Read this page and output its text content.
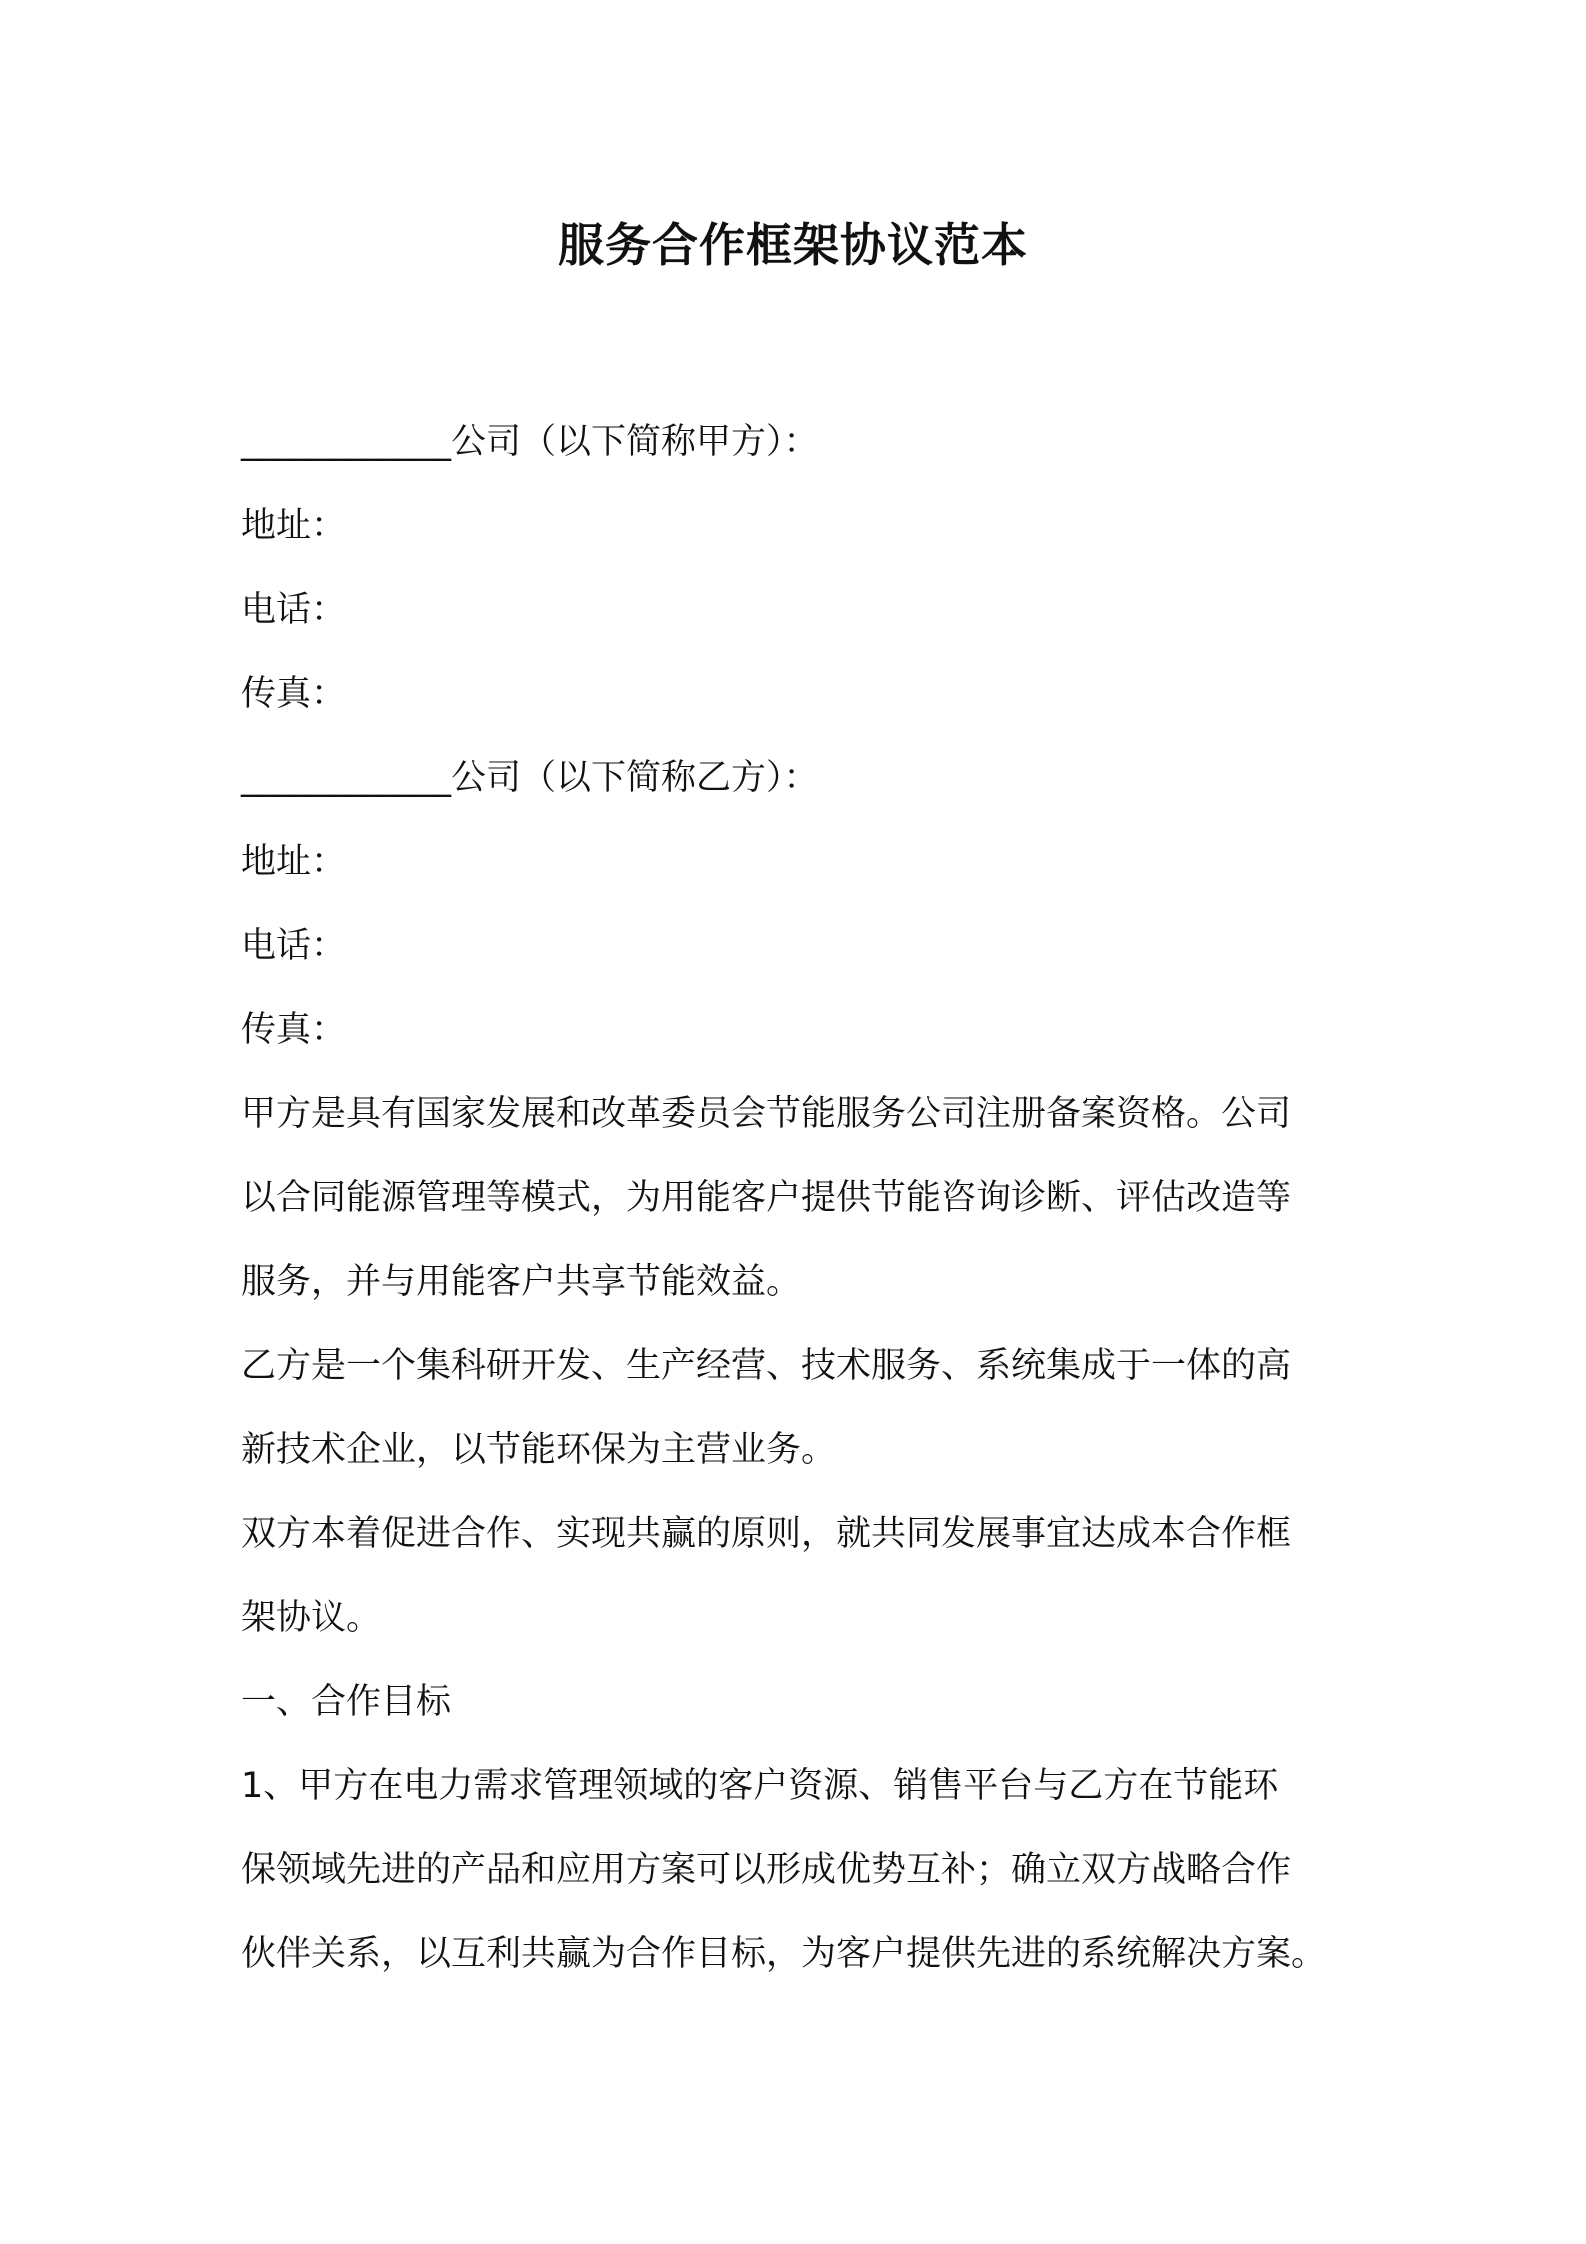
服务合作框架协议范本
____________公司（以下简称甲方）：
地址：
电话：
传真：
____________公司（以下简称乙方）：
地址：
电话：
传真：
甲方是具有国家发展和改革委员会节能服务公司注册备案资格。公司
以合同能源管理等模式，为用能客户提供节能咨询诊断、评估改造等
服务，并与用能客户共享节能效益。
乙方是一个集科研开发、生产经营、技术服务、系统集成于一体的高
新技术企业，以节能环保为主营业务。
双方本着促进合作、实现共赢的原则，就共同发展事宜达成本合作框
架协议。
一、合作目标
1、甲方在电力需求管理领域的客户资源、销售平台与乙方在节能环
保领域先进的产品和应用方案可以形成优势互补；确立双方战略合作
伙伴关系，以互利共赢为合作目标，为客户提供先进的系统解决方案。
